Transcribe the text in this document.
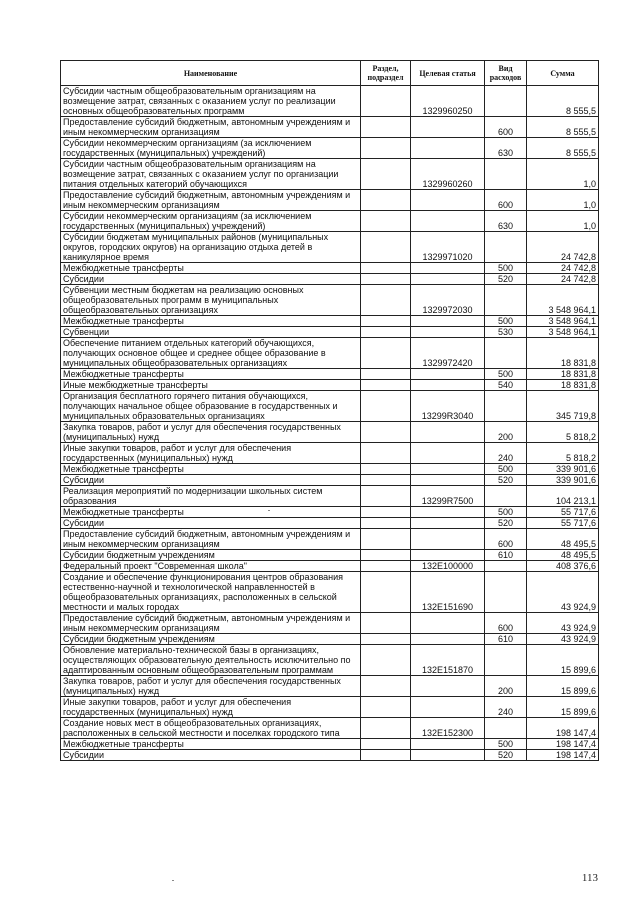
Наименование	Раздел, подраздел	Целевая статья	Вид расходов	Сумма
Субсидии частным общеобразовательным организациям на возмещение затрат, связанных с оказанием услуг по реализации основных общеобразовательных программ		1329960250		8 555,5
Предоставление субсидий бюджетным, автономным учреждениям и иным некоммерческим организациям			600	8 555,5
Субсидии некоммерческим организациям (за исключением государственных (муниципальных) учреждений)			630	8 555,5
Субсидии частным общеобразовательным организациям на возмещение затрат, связанных с оказанием услуг по организации питания отдельных категорий обучающихся		1329960260		1,0
Предоставление субсидий бюджетным, автономным учреждениям и иным некоммерческим организациям			600	1,0
Субсидии некоммерческим организациям (за исключением государственных (муниципальных) учреждений)			630	1,0
Субсидии бюджетам муниципальных районов (муниципальных округов, городских округов) на организацию отдыха детей в каникулярное время		1329971020		24 742,8
Межбюджетные трансферты			500	24 742,8
Субсидии			520	24 742,8
Субвенции местным бюджетам на реализацию основных общеобразовательных программ в муниципальных общеобразовательных организациях		1329972030		3 548 964,1
Межбюджетные трансферты			500	3 548 964,1
Субвенции			530	3 548 964,1
Обеспечение питанием отдельных категорий обучающихся, получающих основное общее и среднее общее образование в муниципальных общеобразовательных организациях		1329972420		18 831,8
Межбюджетные трансферты			500	18 831,8
Иные межбюджетные трансферты			540	18 831,8
Организация бесплатного горячего питания обучающихся, получающих начальное общее образование в государственных и муниципальных образовательных организациях		13299R3040		345 719,8
Закупка товаров, работ и услуг для обеспечения государственных (муниципальных) нужд			200	5 818,2
Иные закупки товаров, работ и услуг для обеспечения государственных (муниципальных) нужд			240	5 818,2
Межбюджетные трансферты			500	339 901,6
Субсидии			520	339 901,6
Реализация мероприятий по модернизации школьных систем образования		13299R7500		104 213,1
Межбюджетные трансферты			500	55 717,6
Субсидии			520	55 717,6
Предоставление субсидий бюджетным, автономным учреждениям и иным некоммерческим организациям			600	48 495,5
Субсидии бюджетным учреждениям			610	48 495,5
Федеральный проект "Современная школа"		132E100000		408 376,6
Создание и обеспечение функционирования центров образования естественно-научной и технологической направленностей в общеобразовательных организациях, расположенных в сельской местности и малых городах		132E151690		43 924,9
Предоставление субсидий бюджетным, автономным учреждениям и иным некоммерческим организациям			600	43 924,9
Субсидии бюджетным учреждениям			610	43 924,9
Обновление материально-технической базы в организациях, осуществляющих образовательную деятельность исключительно по адаптированным основным общеобразовательным программам		132E151870		15 899,6
Закупка товаров, работ и услуг для обеспечения государственных (муниципальных) нужд			200	15 899,6
Иные закупки товаров, работ и услуг для обеспечения государственных (муниципальных) нужд			240	15 899,6
Создание новых мест в общеобразовательных организациях, расположенных в сельской местности и поселках городского типа		132E152300		198 147,4
Межбюджетные трансферты			500	198 147,4
Субсидии			520	198 147,4
113
